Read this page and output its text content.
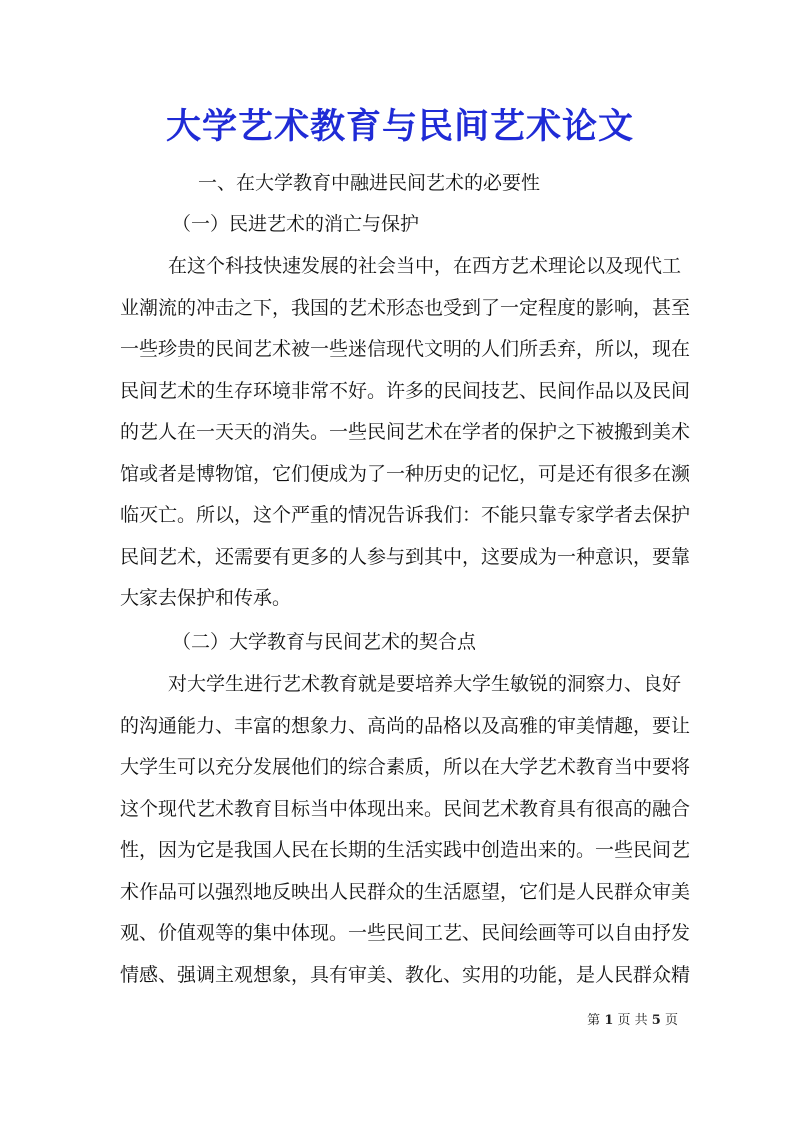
大学艺术教育与民间艺术论文
一、在大学教育中融进民间艺术的必要性
（一）民进艺术的消亡与保护
在这个科技快速发展的社会当中，在西方艺术理论以及现代工
业潮流的冲击之下，我国的艺术形态也受到了一定程度的影响，甚至
一些珍贵的民间艺术被一些迷信现代文明的人们所丢弃，所以，现在
民间艺术的生存环境非常不好。许多的民间技艺、民间作品以及民间
的艺人在一天天的消失。一些民间艺术在学者的保护之下被搬到美术
馆或者是博物馆，它们便成为了一种历史的记忆，可是还有很多在濒
临灭亡。所以，这个严重的情况告诉我们：不能只靠专家学者去保护
民间艺术，还需要有更多的人参与到其中，这要成为一种意识，要靠
大家去保护和传承。
（二）大学教育与民间艺术的契合点
对大学生进行艺术教育就是要培养大学生敏锐的洞察力、良好
的沟通能力、丰富的想象力、高尚的品格以及高雅的审美情趣，要让
大学生可以充分发展他们的综合素质，所以在大学艺术教育当中要将
这个现代艺术教育目标当中体现出来。民间艺术教育具有很高的融合
性，因为它是我国人民在长期的生活实践中创造出来的。一些民间艺
术作品可以强烈地反映出人民群众的生活愿望，它们是人民群众审美
观、价值观等的集中体现。一些民间工艺、民间绘画等可以自由抒发
情感、强调主观想象，具有审美、教化、实用的功能，是人民群众精
第 1 页 共 5 页
